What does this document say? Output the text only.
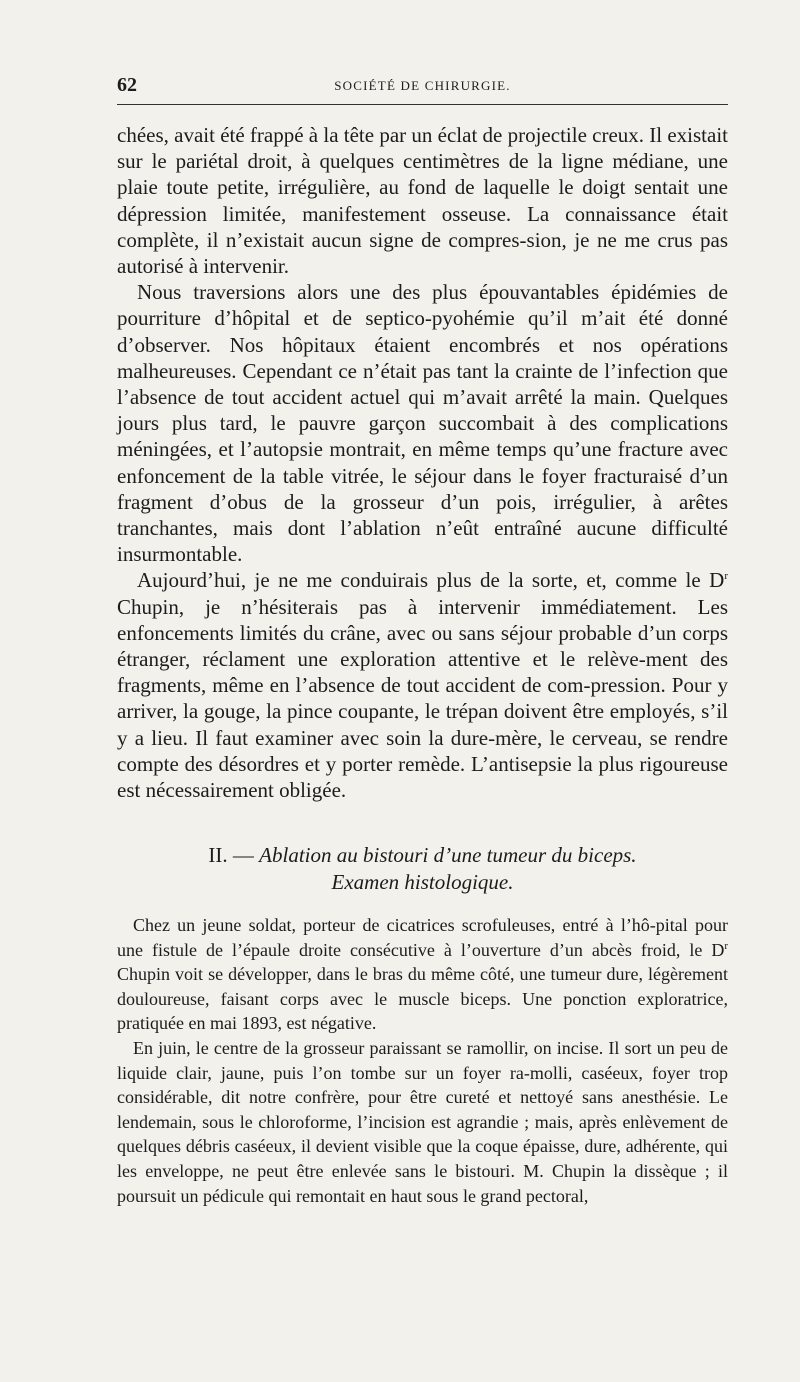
62	SOCIÉTÉ DE CHIRURGIE.

chées, avait été frappé à la tête par un éclat de projectile creux. Il existait sur le pariétal droit, à quelques centimètres de la ligne médiane, une plaie toute petite, irrégulière, au fond de laquelle le doigt sentait une dépression limitée, manifestement osseuse. La connaissance était complète, il n’existait aucun signe de compres-sion, je ne me crus pas autorisé à intervenir.

Nous traversions alors une des plus épouvantables épidémies de pourriture d’hôpital et de septico-pyohémie qu’il m’ait été donné d’observer. Nos hôpitaux étaient encombrés et nos opérations malheureuses. Cependant ce n’était pas tant la crainte de l’infection que l’absence de tout accident actuel qui m’avait arrêté la main. Quelques jours plus tard, le pauvre garçon succombait à des complications méningées, et l’autopsie montrait, en même temps qu’une fracture avec enfoncement de la table vitrée, le séjour dans le foyer fracturaisé d’un fragment d’obus de la grosseur d’un pois, irrégulier, à arêtes tranchantes, mais dont l’ablation n’eût entraîné aucune difficulté insurmontable.

Aujourd’hui, je ne me conduirais plus de la sorte, et, comme le $D^r$ Chupin, je n’hésiterais pas à intervenir immédiatement. Les enfoncements limités du crâne, avec ou sans séjour probable d’un corps étranger, réclament une exploration attentive et le relève-ment des fragments, même en l’absence de tout accident de com-pression. Pour y arriver, la gouge, la pince coupante, le trépan doivent être employés, s’il y a lieu. Il faut examiner avec soin la dure-mère, le cerveau, se rendre compte des désordres et y porter remède. L’antisepsie la plus rigoureuse est nécessairement obligée.

II. — Ablation au bistouri d’une tumeur du biceps.
Examen histologique.

Chez un jeune soldat, porteur de cicatrices scrofuleuses, entré à l’hô-pital pour une fistule de l’épaule droite consécutive à l’ouverture d’un abcès froid, le $D^r$ Chupin voit se développer, dans le bras du même côté, une tumeur dure, légèrement douloureuse, faisant corps avec le muscle biceps. Une ponction exploratrice, pratiquée en mai 1893, est négative.

En juin, le centre de la grosseur paraissant se ramollir, on incise. Il sort un peu de liquide clair, jaune, puis l’on tombe sur un foyer ra-molli, caséeux, foyer trop considérable, dit notre confrère, pour être cureté et nettoyé sans anesthésie. Le lendemain, sous le chloroforme, l’incision est agrandie ; mais, après enlèvement de quelques débris caséeux, il devient visible que la coque épaisse, dure, adhérente, qui les enveloppe, ne peut être enlevée sans le bistouri. M. Chupin la dissèque ; il poursuit un pédicule qui remontait en haut sous le grand pectoral,
